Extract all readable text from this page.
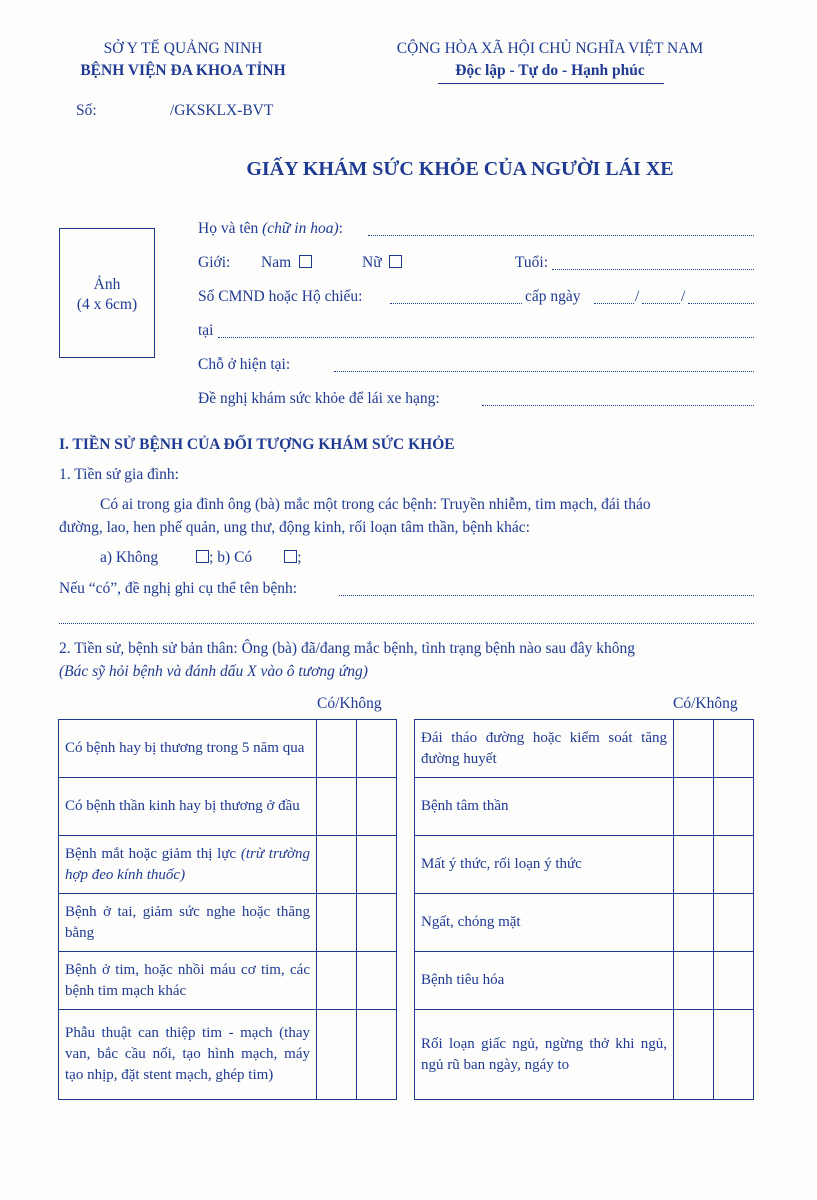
SỞ Y TẾ QUẢNG NINH
BỆNH VIỆN ĐA KHOA TỈNH
CỘNG HÒA XÃ HỘI CHỦ NGHĨA VIỆT NAM
Độc lập - Tự do - Hạnh phúc
Số:	/GKSKLX-BVT
GIẤY KHÁM SỨC KHỎE CỦA NGƯỜI LÁI XE
Ảnh
(4 x 6cm)
Họ và tên (chữ in hoa):
Giới: Nam	Nữ	Tuổi:
Số CMND hoặc Hộ chiếu:	cấp ngày	/	/
tại
Chỗ ở hiện tại:
Đề nghị khám sức khỏe để lái xe hạng:
I. TIỀN SỬ BỆNH CỦA ĐỐI TƯỢNG KHÁM SỨC KHỎE
1. Tiền sử gia đình:
Có ai trong gia đình ông (bà) mắc một trong các bệnh: Truyền nhiễm, tim mạch, đái tháo
đường, lao, hen phế quản, ung thư, động kinh, rối loạn tâm thần, bệnh khác:
a) Không	; b) Có	;
Nếu “có”, đề nghị ghi cụ thể tên bệnh:
2. Tiền sử, bệnh sử bản thân: Ông (bà) đã/đang mắc bệnh, tình trạng bệnh nào sau đây không
(Bác sỹ hỏi bệnh và đánh dấu X vào ô tương ứng)
Có/Không	Có/Không
Có bệnh hay bị thương trong 5 năm qua		
Có bệnh thần kinh hay bị thương ở đầu		
Bệnh mắt hoặc giảm thị lực (trừ trường hợp đeo kính thuốc)		
Bệnh ở tai, giảm sức nghe hoặc thăng bằng		
Bệnh ở tim, hoặc nhồi máu cơ tim, các bệnh tim mạch khác		
Phẫu thuật can thiệp tim - mạch (thay van, bắc cầu nối, tạo hình mạch, máy tạo nhịp, đặt stent mạch, ghép tim)		
Đái tháo đường hoặc kiểm soát tăng đường huyết		
Bệnh tâm thần		
Mất ý thức, rối loạn ý thức		
Ngất, chóng mặt		
Bệnh tiêu hóa		
Rối loạn giấc ngủ, ngừng thở khi ngủ, ngủ rũ ban ngày, ngáy to		
